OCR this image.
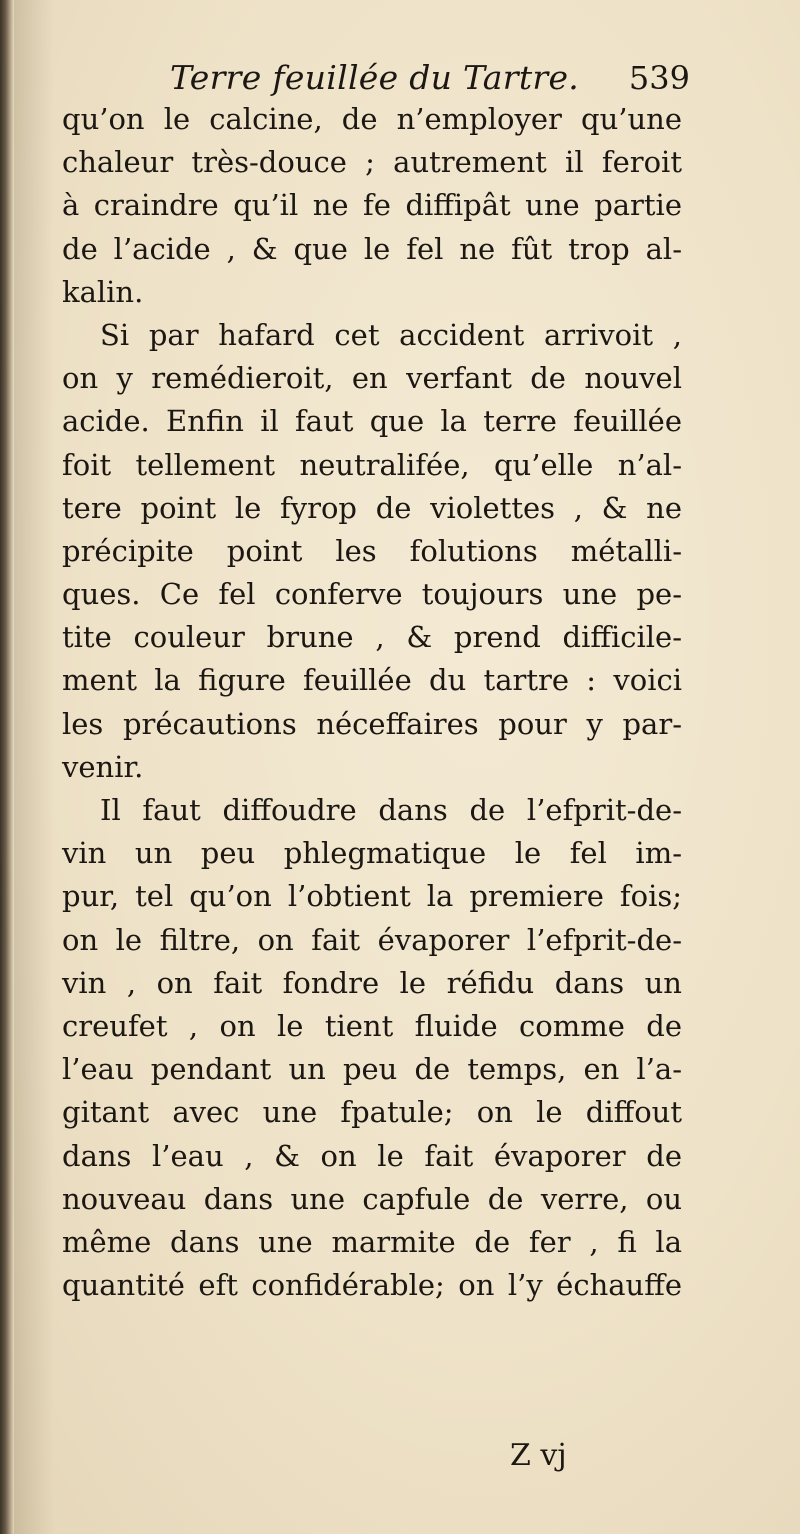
Terre feuillée du Tartre. 539
qu’on le calcine, de n’employer qu’une
chaleur très-douce ; autrement il feroit
à craindre qu’il ne fe diffipât une partie
de l’acide , & que le fel ne fût trop al-
kalin.
Si par hafard cet accident arrivoit ,
on y remédieroit, en verfant de nouvel
acide. Enfin il faut que la terre feuillée
foit tellement neutralifée, qu’elle n’al-
tere point le fyrop de violettes , & ne
précipite point les folutions métalli-
ques. Ce fel conferve toujours une pe-
tite couleur brune , & prend difficile-
ment la figure feuillée du tartre : voici
les précautions néceffaires pour y par-
venir.
Il faut diffoudre dans de l’efprit-de-
vin un peu phlegmatique le fel im-
pur, tel qu’on l’obtient la premiere fois;
on le filtre, on fait évaporer l’efprit-de-
vin , on fait fondre le réfidu dans un
creufet , on le tient fluide comme de
l’eau pendant un peu de temps, en l’a-
gitant avec une fpatule; on le diffout
dans l’eau , & on le fait évaporer de
nouveau dans une capfule de verre, ou
même dans une marmite de fer , fi la
quantité eft confidérable; on l’y échauffe
Z vj
